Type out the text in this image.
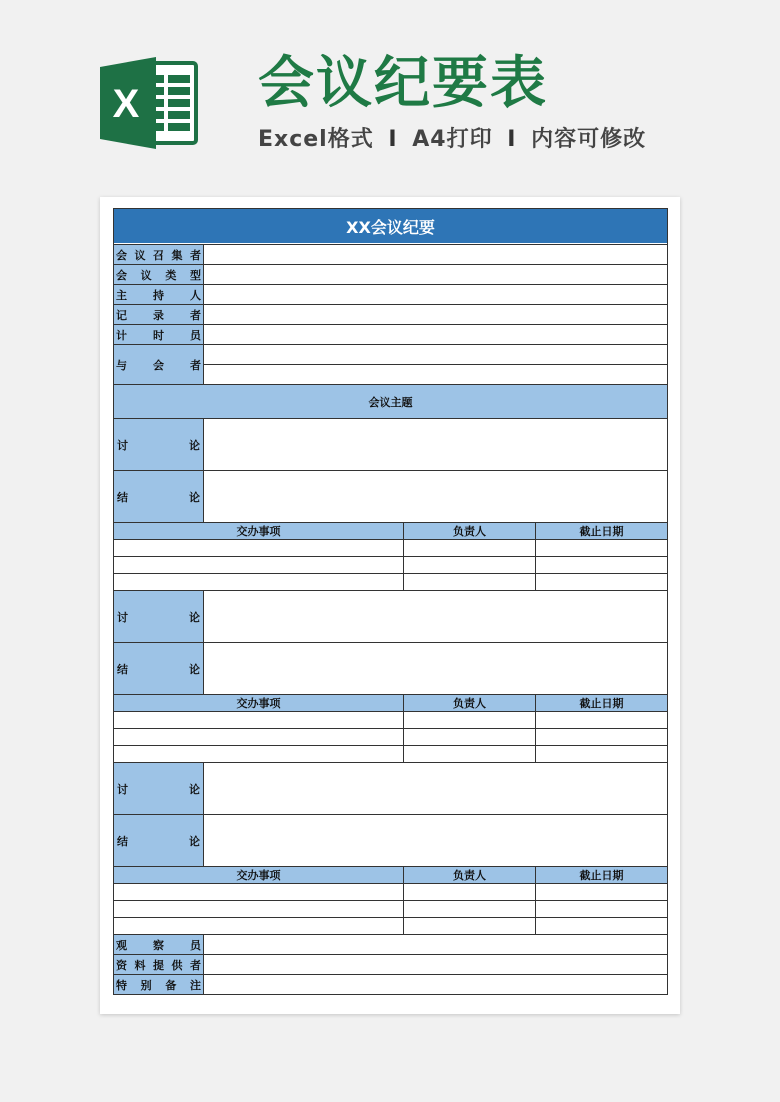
X 会议纪要表
Excel格式 I A4打印 I 内容可修改
XX会议纪要
会议召集者
会议类型
主持人
记录者
计时员
与会者
会议主题
讨	论
结	论
交办事项	负责人	截止日期
讨	论
结	论
交办事项	负责人	截止日期
讨	论
结	论
交办事项	负责人	截止日期
观察员
资料提供者
特别备注
